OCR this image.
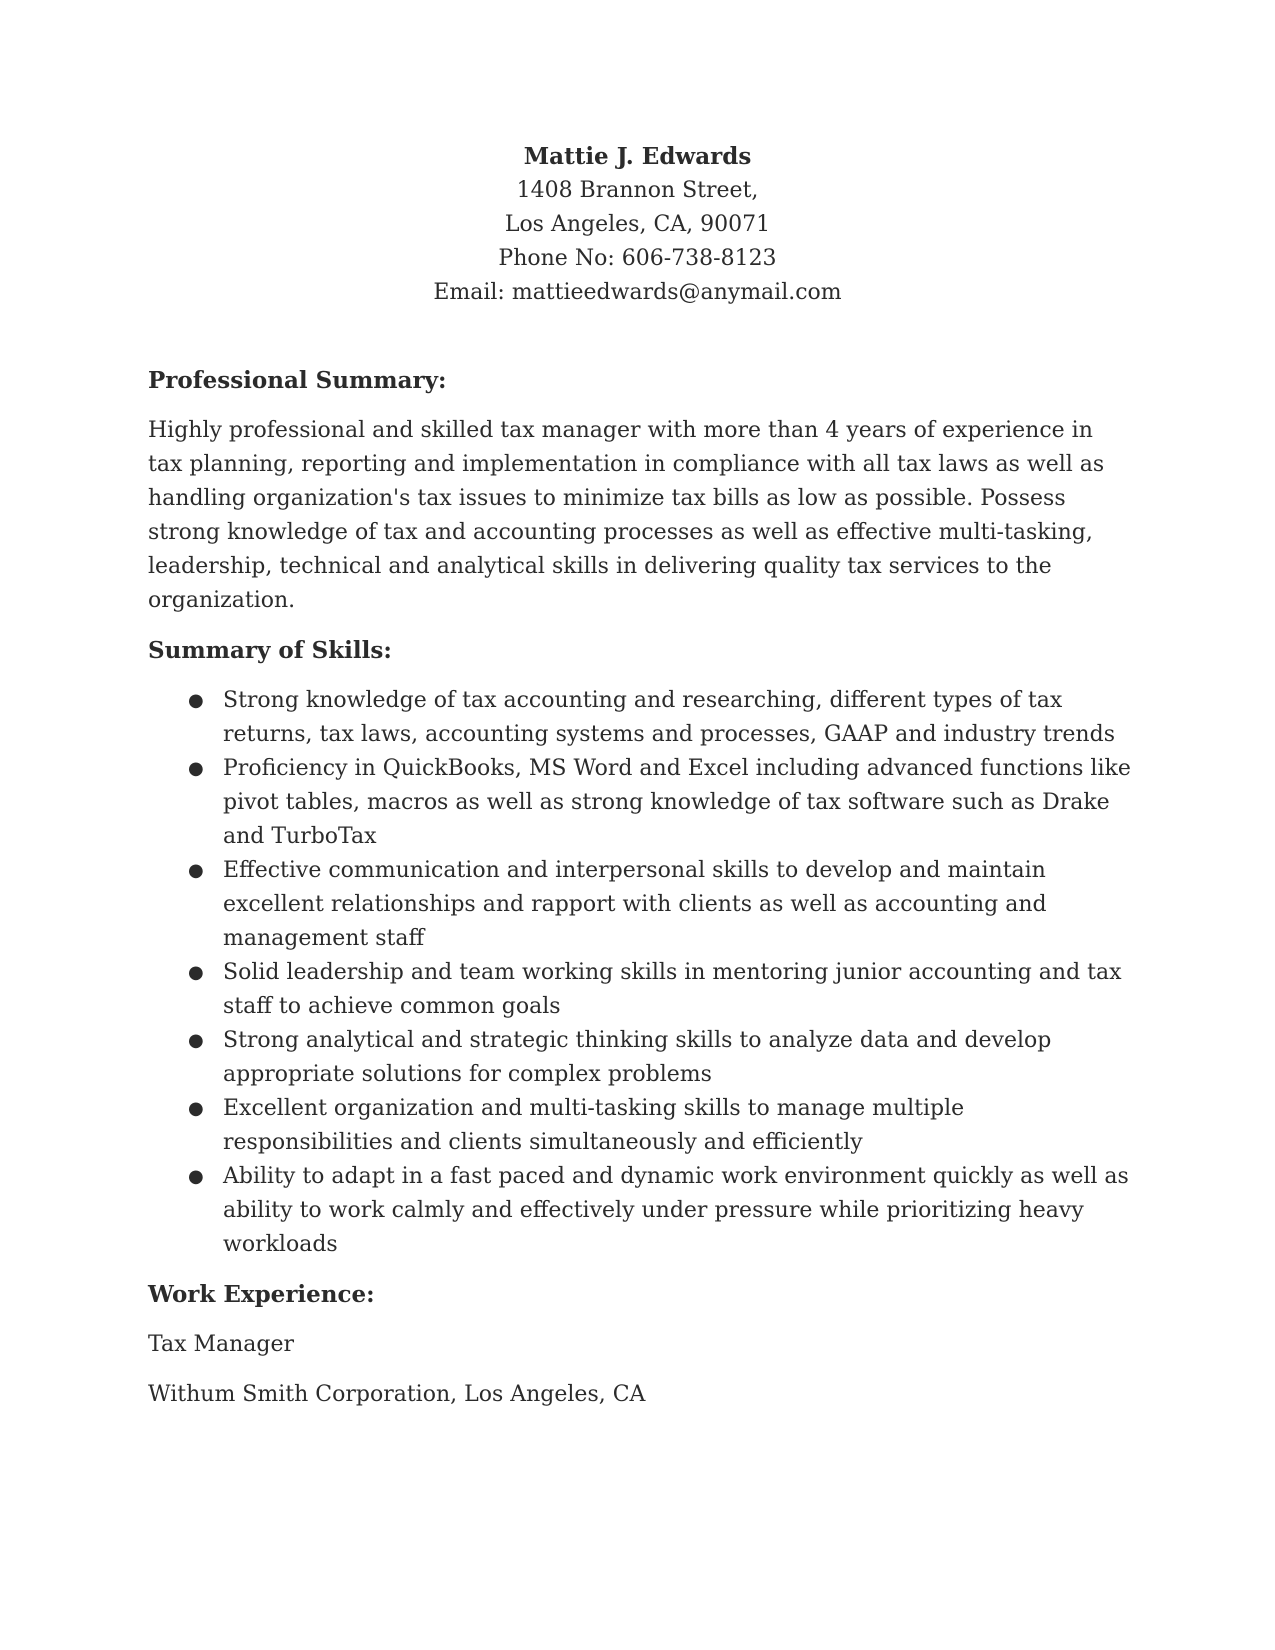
Mattie J. Edwards
1408 Brannon Street,
Los Angeles, CA, 90071
Phone No: 606-738-8123
Email: mattieedwards@anymail.com

Professional Summary:

Highly professional and skilled tax manager with more than 4 years of experience in tax planning, reporting and implementation in compliance with all tax laws as well as handling organization's tax issues to minimize tax bills as low as possible. Possess strong knowledge of tax and accounting processes as well as effective multi-tasking, leadership, technical and analytical skills in delivering quality tax services to the organization.

Summary of Skills:

● Strong knowledge of tax accounting and researching, different types of tax returns, tax laws, accounting systems and processes, GAAP and industry trends
● Proficiency in QuickBooks, MS Word and Excel including advanced functions like pivot tables, macros as well as strong knowledge of tax software such as Drake and TurboTax
● Effective communication and interpersonal skills to develop and maintain excellent relationships and rapport with clients as well as accounting and management staff
● Solid leadership and team working skills in mentoring junior accounting and tax staff to achieve common goals
● Strong analytical and strategic thinking skills to analyze data and develop appropriate solutions for complex problems
● Excellent organization and multi-tasking skills to manage multiple responsibilities and clients simultaneously and efficiently
● Ability to adapt in a fast paced and dynamic work environment quickly as well as ability to work calmly and effectively under pressure while prioritizing heavy workloads

Work Experience:

Tax Manager

Withum Smith Corporation, Los Angeles, CA
